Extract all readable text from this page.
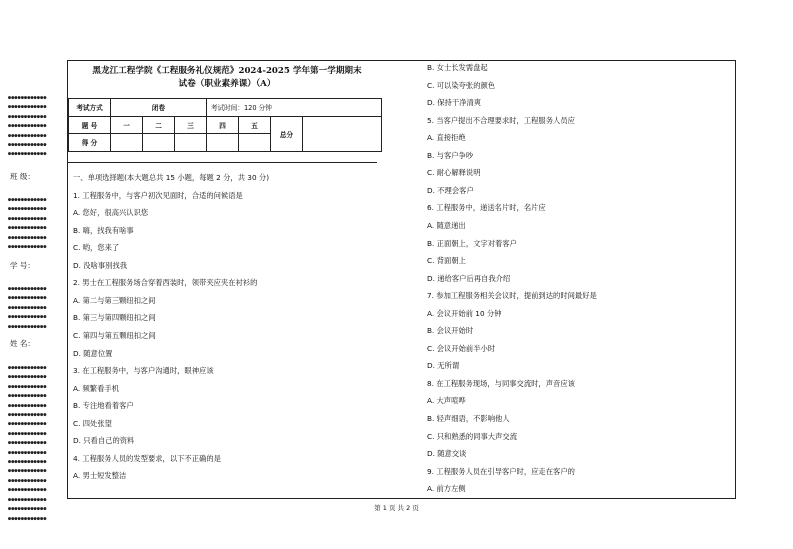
●●●●●●●●●●●●
●●●●●●●●●●●●
●●●●●●●●●●●●
●●●●●●●●●●●●
●●●●●●●●●●●●
●●●●●●●●●●●●
●●●●●●●●●●●●
班 级：
●●●●●●●●●●●●
●●●●●●●●●●●●
●●●●●●●●●●●●
●●●●●●●●●●●●
●●●●●●●●●●●●
●●●●●●●●●●●●
学 号：
●●●●●●●●●●●●
●●●●●●●●●●●●
●●●●●●●●●●●●
●●●●●●●●●●●●
●●●●●●●●●●●●
姓 名：
●●●●●●●●●●●●
●●●●●●●●●●●●
●●●●●●●●●●●●
●●●●●●●●●●●●
●●●●●●●●●●●●
●●●●●●●●●●●●
●●●●●●●●●●●●
●●●●●●●●●●●●
●●●●●●●●●●●●
●●●●●●●●●●●●
●●●●●●●●●●●●
●●●●●●●●●●●●
●●●●●●●●●●●●
●●●●●●●●●●●●
●●●●●●●●●●●●
●●●●●●●●●●●●
●●●●●●●●●●●●
黑龙江工程学院《工程服务礼仪规范》2024-2025 学年第一学期期末
试卷（职业素养课）（A）
考试方式	闭卷			考试时间：120 分钟			
题 号	一	二	三	四	五	总分	
得 分							
一、单项选择题(本大题总共 15 小题，每题 2 分，共 30 分)
1. 工程服务中，与客户初次见面时，合适的问候语是
A. 您好，很高兴认识您
B. 嗨，找我有啥事
C. 哟，您来了
D. 没啥事别找我
2. 男士在工程服务场合穿着西装时，领带夹应夹在衬衫的
A. 第二与第三颗纽扣之间
B. 第三与第四颗纽扣之间
C. 第四与第五颗纽扣之间
D. 随意位置
3. 在工程服务中，与客户沟通时，眼神应该
A. 频繁看手机
B. 专注地看着客户
C. 四处张望
D. 只看自己的资料
4. 工程服务人员的发型要求，以下不正确的是
A. 男士短发整洁
B. 女士长发需盘起
C. 可以染夸张的颜色
D. 保持干净清爽
5. 当客户提出不合理要求时，工程服务人员应
A. 直接拒绝
B. 与客户争吵
C. 耐心解释说明
D. 不理会客户
6. 工程服务中，递送名片时，名片应
A. 随意递出
B. 正面朝上，文字对着客户
C. 背面朝上
D. 递给客户后再自我介绍
7. 参加工程服务相关会议时，提前到达的时间最好是
A. 会议开始前 10 分钟
B. 会议开始时
C. 会议开始前半小时
D. 无所谓
8. 在工程服务现场，与同事交流时，声音应该
A. 大声喧哗
B. 轻声细语，不影响他人
C. 只和熟悉的同事大声交流
D. 随意交谈
9. 工程服务人员在引导客户时，应走在客户的
A. 前方左侧
第 1 页 共 2 页
